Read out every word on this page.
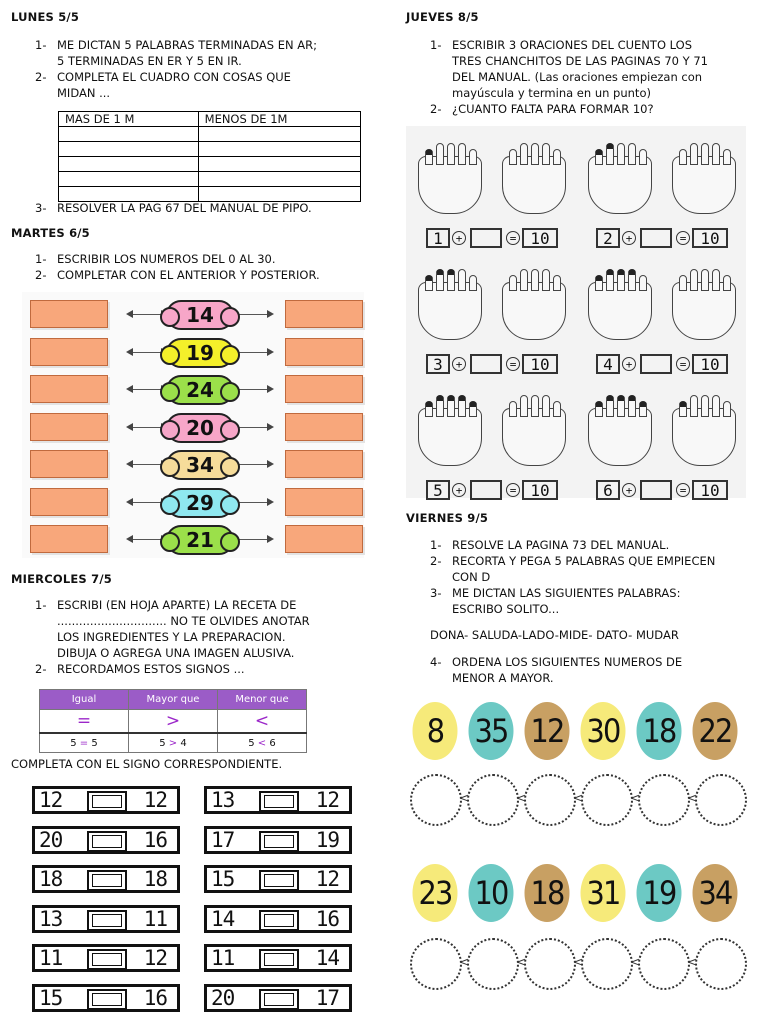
LUNES 5/5
1- ME DICTAN 5 PALABRAS TERMINADAS EN AR;
5 TERMINADAS EN ER Y 5 EN IR.
2- COMPLETA EL CUADRO CON COSAS QUE
MIDAN ...
MAS DE 1 M	MENOS DE 1M

3- RESOLVER LA PAG 67 DEL MANUAL DE PIPO.
MARTES 6/5
1- ESCRIBIR LOS NUMEROS DEL 0 AL 30.
2- COMPLETAR CON EL ANTERIOR Y POSTERIOR.
14
19
24
20
34
29
21
MIERCOLES 7/5
1- ESCRIBI (EN HOJA APARTE) LA RECETA DE
.............................. NO TE OLVIDES ANOTAR
LOS INGREDIENTES Y LA PREPARACION.
DIBUJA O AGREGA UNA IMAGEN ALUSIVA.
2- RECORDAMOS ESTOS SIGNOS ...
Igual	Mayor que	Menor que
=	>	<
5 = 5	5 > 4	5 < 6
COMPLETA CON EL SIGNO CORRESPONDIENTE.
12	12
20	16
18	18
13	11
11	12
15	16
13	12
17	19
15	12
14	16
11	14
20	17
JUEVES 8/5
1- ESCRIBIR 3 ORACIONES DEL CUENTO LOS
TRES CHANCHITOS DE LAS PAGINAS 70 Y 71
DEL MANUAL. (Las oraciones empiezan con
mayúscula y termina en un punto)
2- ¿CUANTO FALTA PARA FORMAR 10?
1	+	= 10	2	+	= 10
3	+	= 10	4	+	= 10
5	+	= 10	6	+	= 10
VIERNES 9/5
1- RESOLVE LA PAGINA 73 DEL MANUAL.
2- RECORTA Y PEGA 5 PALABRAS QUE EMPIECEN
CON D
3- ME DICTAN LAS SIGUIENTES PALABRAS:
ESCRIBO SOLITO...
DONA- SALUDA-LADO-MIDE- DATO- MUDAR
4- ORDENA LOS SIGUIENTES NUMEROS DE
MENOR A MAYOR.
8 35 12 30 18 22
<	<	<	<	<
23 10 18 31 19 34
<	<	<	<	<
